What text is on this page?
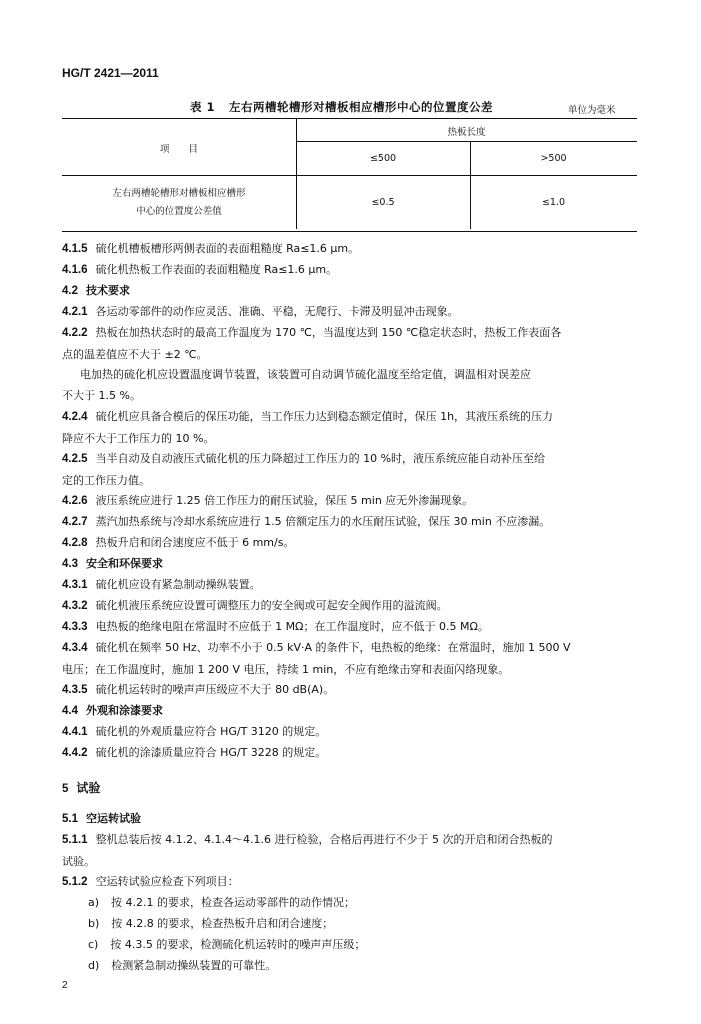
HG/T 2421—2011
表 1 左右两槽轮槽形对槽板相应槽形中心的位置度公差	单位为毫米
项　　目
热板长度
≤500	>500
左右两槽轮槽形对槽板相应槽形
中心的位置度公差值
≤0.5	≤1.0
4.1.5 硫化机槽板槽形两侧表面的表面粗糙度 Ra≤1.6 μm。
4.1.6 硫化机热板工作表面的表面粗糙度 Ra≤1.6 μm。
4.2 技术要求
4.2.1 各运动零部件的动作应灵活、准确、平稳，无爬行、卡滞及明显冲击现象。
4.2.2 热板在加热状态时的最高工作温度为 170 ℃，当温度达到 150 ℃稳定状态时，热板工作表面各
点的温差值应不大于 ±2 ℃。
电加热的硫化机应设置温度调节装置，该装置可自动调节硫化温度至给定值，调温相对误差应
不大于 1.5 %。
4.2.4 硫化机应具备合模后的保压功能，当工作压力达到稳态额定值时，保压 1h，其液压系统的压力
降应不大于工作压力的 10 %。
4.2.5 当半自动及自动液压式硫化机的压力降超过工作压力的 10 %时，液压系统应能自动补压至给
定的工作压力值。
4.2.6 液压系统应进行 1.25 倍工作压力的耐压试验，保压 5 min 应无外渗漏现象。
4.2.7 蒸汽加热系统与冷却水系统应进行 1.5 倍额定压力的水压耐压试验，保压 30 min 不应渗漏。
4.2.8 热板升启和闭合速度应不低于 6 mm/s。
4.3 安全和环保要求
4.3.1 硫化机应设有紧急制动操纵装置。
4.3.2 硫化机液压系统应设置可调整压力的安全阀或可起安全阀作用的溢流阀。
4.3.3 电热板的绝缘电阻在常温时不应低于 1 MΩ；在工作温度时，应不低于 0.5 MΩ。
4.3.4 硫化机在频率 50 Hz、功率不小于 0.5 kV·A 的条件下，电热板的绝缘：在常温时，施加 1 500 V
电压；在工作温度时，施加 1 200 V 电压，持续 1 min，不应有绝缘击穿和表面闪络现象。
4.3.5 硫化机运转时的噪声声压级应不大于 80 dB(A)。
4.4 外观和涂漆要求
4.4.1 硫化机的外观质量应符合 HG/T 3120 的规定。
4.4.2 硫化机的涂漆质量应符合 HG/T 3228 的规定。
5 试验
5.1 空运转试验
5.1.1 整机总装后按 4.1.2、4.1.4～4.1.6 进行检验，合格后再进行不少于 5 次的开启和闭合热板的
试验。
5.1.2 空运转试验应检查下列项目：
a) 按 4.2.1 的要求，检查各运动零部件的动作情况；
b) 按 4.2.8 的要求，检查热板升启和闭合速度；
c) 按 4.3.5 的要求，检测硫化机运转时的噪声声压级；
d) 检测紧急制动操纵装置的可靠性。
2
